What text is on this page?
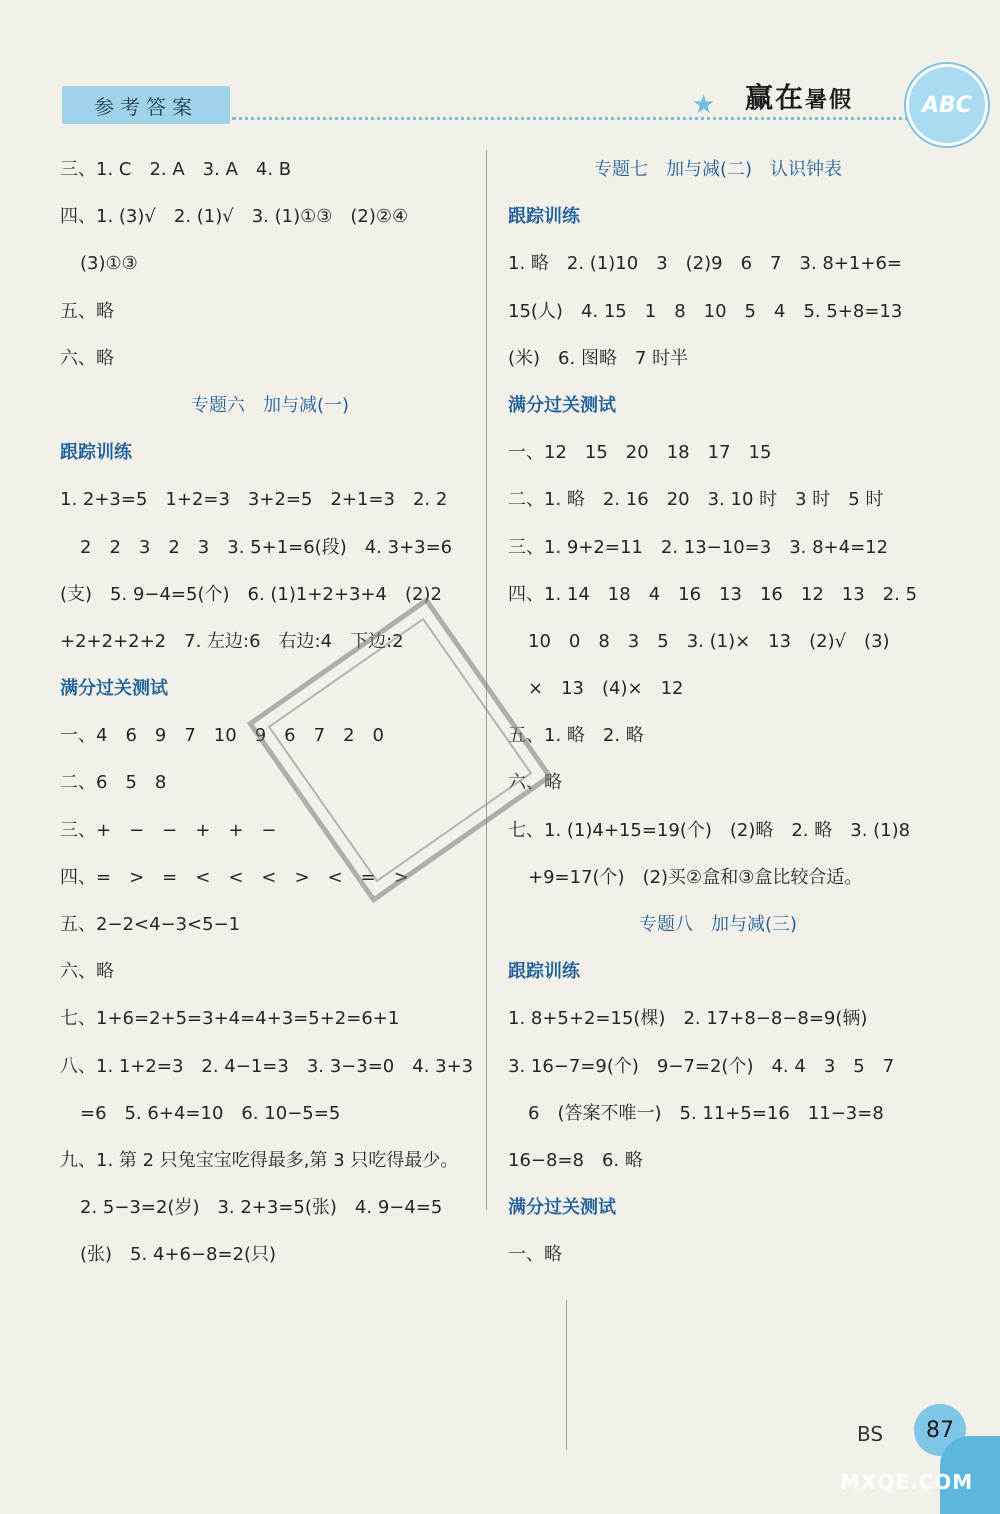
参考答案	★ 赢在暑假	ABC
三、1. C　2. A　3. A　4. B
四、1. (3)√　2. (1)√　3. (1)①③　(2)②④
(3)①③
五、略
六、略
专题六　加与减(一)
跟踪训练
1. 2+3=5　1+2=3　3+2=5　2+1=3　2. 2
2　2　3　2　3　3. 5+1=6(段)　4. 3+3=6
(支)　5. 9−4=5(个)　6. (1)1+2+3+4　(2)2
+2+2+2+2　7. 左边:6　右边:4　下边:2
满分过关测试
一、4　6　9　7　10　9　6　7　2　0
二、6　5　8
三、+　−　−　+　+　−
四、=　>　=　<　<　<　>　<　=　>
五、2−2<4−3<5−1
六、略
七、1+6=2+5=3+4=4+3=5+2=6+1
八、1. 1+2=3　2. 4−1=3　3. 3−3=0　4. 3+3
=6　5. 6+4=10　6. 10−5=5
九、1. 第 2 只兔宝宝吃得最多,第 3 只吃得最少。
2. 5−3=2(岁)　3. 2+3=5(张)　4. 9−4=5
(张)　5. 4+6−8=2(只)
专题七　加与减(二)　认识钟表
跟踪训练
1. 略　2. (1)10　3　(2)9　6　7　3. 8+1+6=
15(人)　4. 15　1　8　10　5　4　5. 5+8=13
(米)　6. 图略　7 时半
满分过关测试
一、12　15　20　18　17　15
二、1. 略　2. 16　20　3. 10 时　3 时　5 时
三、1. 9+2=11　2. 13−10=3　3. 8+4=12
四、1. 14　18　4　16　13　16　12　13　2. 5
10　0　8　3　5　3. (1)×　13　(2)√　(3)
×　13　(4)×　12
五、1. 略　2. 略
六、略
七、1. (1)4+15=19(个)　(2)略　2. 略　3. (1)8
+9=17(个)　(2)买②盒和③盒比较合适。
专题八　加与减(三)
跟踪训练
1. 8+5+2=15(棵)　2. 17+8−8−8=9(辆)
3. 16−7=9(个)　9−7=2(个)　4. 4　3　5　7
6　(答案不唯一)　5. 11+5=16　11−3=8
16−8=8　6. 略
满分过关测试
一、略
BS 87
MXQE.COM
